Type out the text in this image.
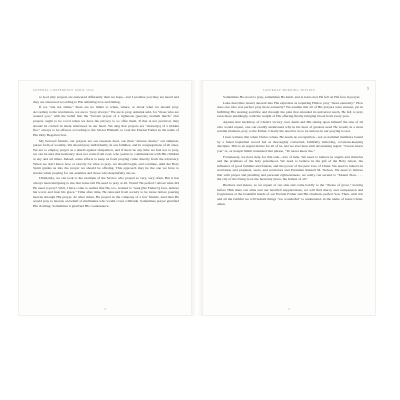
GENERAL CONFERENCE APRIL 2024

to God why prayers are answered differently than we hope—but I promise you they are heard and they are answered according to His unfailing love and timing.

If we "ask not amiss," there are no limits to when, where, or about what we should pray. According to the revelations, we are to "pray always." We are to pray, Amulek said, for "those who are around you," with the belief that the "fervent prayer of a righteous [person] availeth much." Our prayers ought to be vocal when we have the privacy to so offer them. If that is not practical, they should be carried in silent utterances in our heart. We sing that prayers are "motion[s] of a hidden fire," always to be offered, according to the Savior Himself, to God the Eternal Father in the name of His Only Begotten Son.

My beloved friends, our prayers are our sweetest hour, our most "sincere desire," our simplest, purest form of worship. We should pray individually, in our families, and in congregations of all sizes. We are to employ prayer as a shield against temptation, and if there be any time we feel not to pray, we can be sure that hesitancy does not come from God, who yearns to communicate with His children at any and all times. Indeed, some efforts to keep us from praying come directly from the adversary. When we don't know how or exactly for what to pray, we should begin, and continue, until the Holy Spirit guides us into the prayer we should be offering. This approach may be the one we have to invoke when praying for our enemies and those who despitefully use us.

Ultimately, we can look to the example of the Savior, who prayed so very, very often. But it has always been intriguing to me that Jesus felt He need to pray at all. Wasn't He perfect? About what did He need to pray? Well, I have come to realize that He, too, wanted to "seek [the Father's] face, believe his word, and trust his grace." Time after time, He retreated from society to be alone before pouring heaven through His prayer. At other times, He prayed in the company of a few friends. And then He would pray to heaven on behalf of multitudes who would cover a hillside. Sometimes prayer glorified His clothing. Sometimes it glorified His countenance.

4
SATURDAY MORNING SESSION	5

Sometimes He stood to pray, sometimes He knelt, and at least once He fell on His face in prayer.

Luke describes Jesus's descent into His expiation as requiring Him to pray "more earnestly." How does one who was perfect pray more earnestly? We assume that all of His prayers were earnest, yet in fulfilling His atoning sacrifice and through the pain that attended its universal reach, He felt to pray even more pleadingly, with the weight of His offering finally bringing blood from every pore.

Against that backdrop of Christ's victory over death and His taking upon himself the sins of all who would repent, one can readily understand why in his hour of greatest need He would, in a most solemn moment, pray to the Father. Clearly the need for us to be serious in our praying is real.

I bear witness that when Christ comes, He needs no recognition—not as nominal members bound by a faded baptismal record but as thoroughly converted, faithfully believing, covenant-keeping disciples. This is an urgent matter for all of us, lest we ever hear with devastating regret: "I never knew you" or, as Joseph Smith translated that phrase, "Ye never knew me."

Fortunately, we have help for this task—lots of help. We need to believe in angels and miracles and the promises of the holy priesthood. We need to believe in the gift of the Holy Ghost, the influence of good families and friends, and the power of the pure love of Christ. We need to believe in revelation and prophets, seers, and revelators and President Russell M. Nelson. We need to believe that with prayer and pleading and personal righteousness, we really can ascend to "Mount Zion, . . . the city of the living God, the heavenly place, the holiest of all."

Brothers and sisters, as we repent of our sins and come boldly to the "throne of grace," leaving before Him there our alms and our heartfelt supplications, we will find mercy and compassion and forgiveness at the bountiful hands of our Eternal Father and His obedient, perfect Son. Then, with Job and all the faithful we will behold things "too wonderful" to understand, in the name of Jesus Christ, amen.

5
